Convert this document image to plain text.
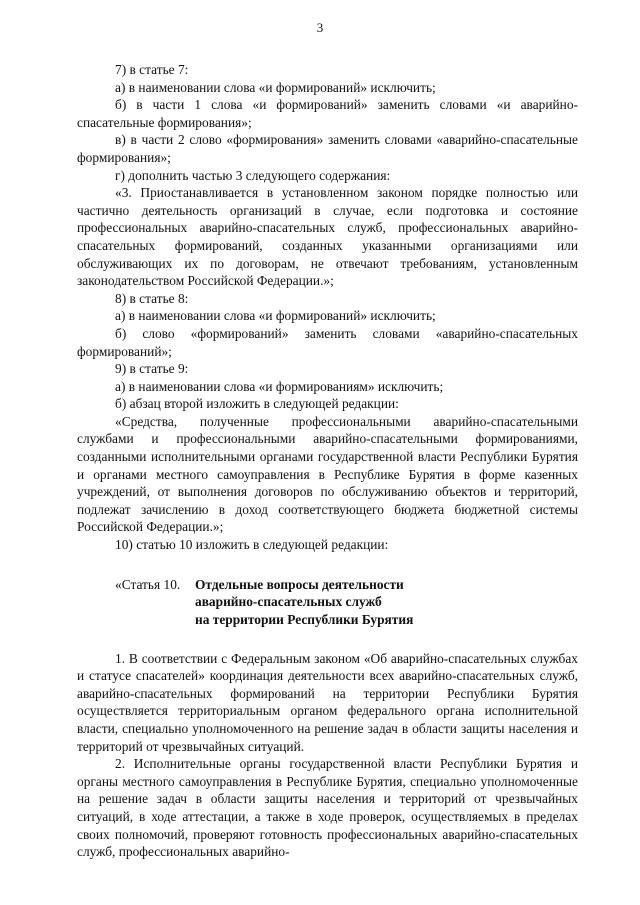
3

7) в статье 7:

а) в наименовании слова «и формирований» исключить;

б) в части 1 слова «и формирований» заменить словами «и аварийно-спасательные формирования»;

в) в части 2 слово «формирования» заменить словами «аварийно-спасательные формирования»;

г) дополнить частью 3 следующего содержания:

«3. Приостанавливается в установленном законом порядке полностью или частично деятельность организаций в случае, если подготовка и состояние профессиональных аварийно-спасательных служб, профессиональных аварийно-спасательных формирований, созданных указанными организациями или обслуживающих их по договорам, не отвечают требованиям, установленным законодательством Российской Федерации.»;

8) в статье 8:

а) в наименовании слова «и формирований» исключить;

б) слово «формирований» заменить словами «аварийно-спасательных формирований»;

9) в статье 9:

а) в наименовании слова «и формированиям» исключить;

б) абзац второй изложить в следующей редакции:

«Средства, полученные профессиональными аварийно-спасательными службами и профессиональными аварийно-спасательными формированиями, созданными исполнительными органами государственной власти Республики Бурятия и органами местного самоуправления в Республике Бурятия в форме казенных учреждений, от выполнения договоров по обслуживанию объектов и территорий, подлежат зачислению в доход соответствующего бюджета бюджетной системы Российской Федерации.»;

10) статью 10 изложить в следующей редакции:

«Статья 10. Отдельные вопросы деятельности
аварийно-спасательных служб
на территории Республики Бурятия

1. В соответствии с Федеральным законом «Об аварийно-спасательных службах и статусе спасателей» координация деятельности всех аварийно-спасательных служб, аварийно-спасательных формирований на территории Республики Бурятия осуществляется территориальным органом федерального органа исполнительной власти, специально уполномоченного на решение задач в области защиты населения и территорий от чрезвычайных ситуаций.

2. Исполнительные органы государственной власти Республики Бурятия и органы местного самоуправления в Республике Бурятия, специально уполномоченные на решение задач в области защиты населения и территорий от чрезвычайных ситуаций, в ходе аттестации, а также в ходе проверок, осуществляемых в пределах своих полномочий, проверяют готовность профессиональных аварийно-спасательных служб, профессиональных аварийно-
